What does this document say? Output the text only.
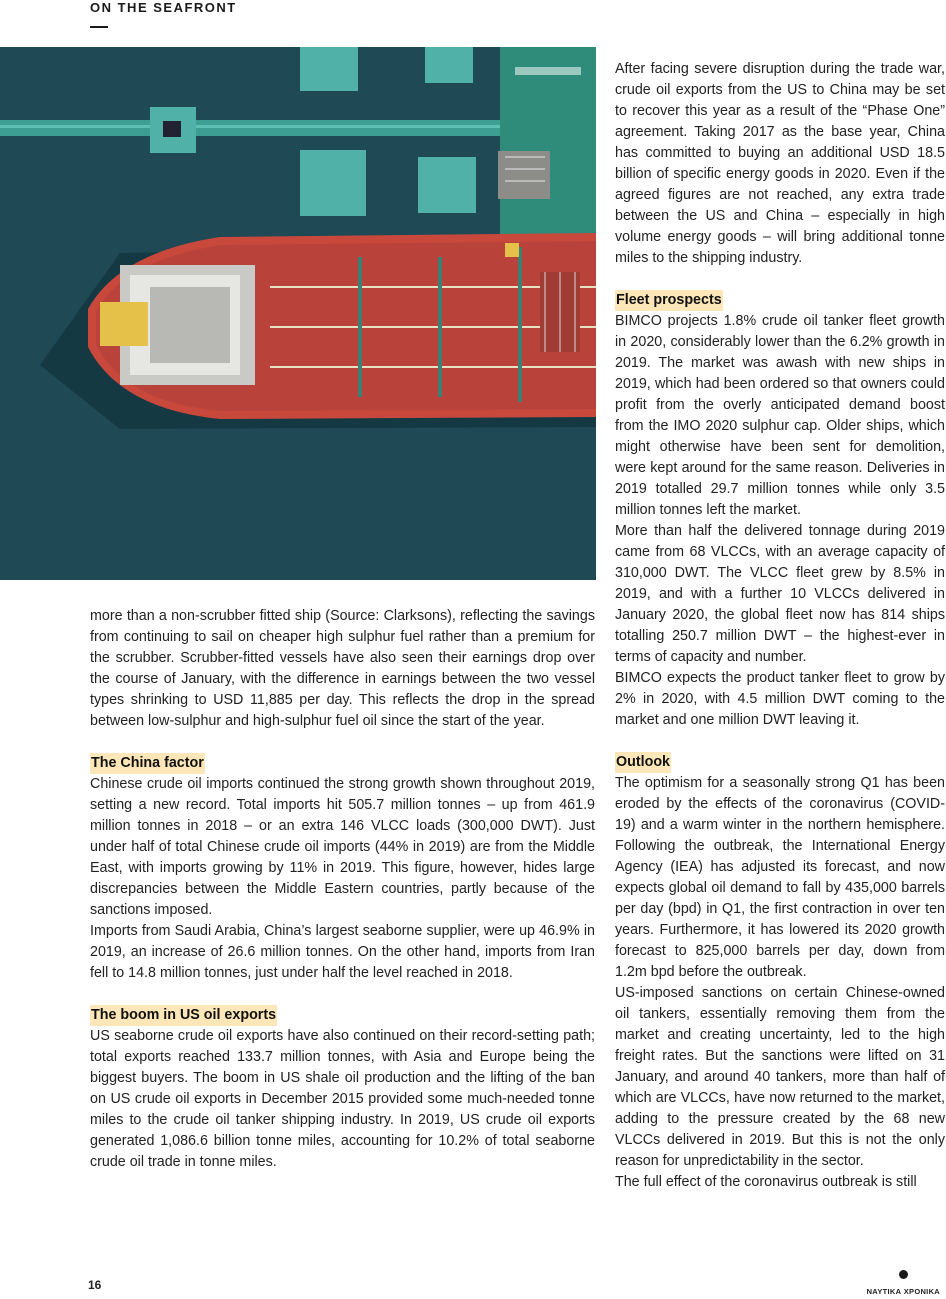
ON THE SEAFRONT

more than a non-scrubber fitted ship (Source: Clarksons), reflecting the savings from continuing to sail on cheaper high sulphur fuel rather than a premium for the scrubber. Scrubber-fitted vessels have also seen their earnings drop over the course of January, with the difference in earnings between the two vessel types shrinking to USD 11,885 per day. This reflects the drop in the spread between low-sulphur and high-sulphur fuel oil since the start of the year.

The China factor

Chinese crude oil imports continued the strong growth shown throughout 2019, setting a new record. Total imports hit 505.7 million tonnes – up from 461.9 million tonnes in 2018 – or an extra 146 VLCC loads (300,000 DWT). Just under half of total Chinese crude oil imports (44% in 2019) are from the Middle East, with imports growing by 11% in 2019. This figure, however, hides large discrepancies between the Middle Eastern countries, partly because of the sanctions imposed.

Imports from Saudi Arabia, China’s largest seaborne supplier, were up 46.9% in 2019, an increase of 26.6 million tonnes. On the other hand, imports from Iran fell to 14.8 million tonnes, just under half the level reached in 2018.

The boom in US oil exports

US seaborne crude oil exports have also continued on their record-setting path; total exports reached 133.7 million tonnes, with Asia and Europe being the biggest buyers. The boom in US shale oil production and the lifting of the ban on US crude oil exports in December 2015 provided some much-needed tonne miles to the crude oil tanker shipping industry. In 2019, US crude oil exports generated 1,086.6 billion tonne miles, accounting for 10.2% of total seaborne crude oil trade in tonne miles.

After facing severe disruption during the trade war, crude oil exports from the US to China may be set to recover this year as a result of the “Phase One” agreement. Taking 2017 as the base year, China has committed to buying an additional USD 18.5 billion of specific energy goods in 2020. Even if the agreed figures are not reached, any extra trade between the US and China – especially in high volume energy goods – will bring additional tonne miles to the shipping industry.

Fleet prospects

BIMCO projects 1.8% crude oil tanker fleet growth in 2020, considerably lower than the 6.2% growth in 2019. The market was awash with new ships in 2019, which had been ordered so that owners could profit from the overly anticipated demand boost from the IMO 2020 sulphur cap. Older ships, which might otherwise have been sent for demolition, were kept around for the same reason. Deliveries in 2019 totalled 29.7 million tonnes while only 3.5 million tonnes left the market.

More than half the delivered tonnage during 2019 came from 68 VLCCs, with an average capacity of 310,000 DWT. The VLCC fleet grew by 8.5% in 2019, and with a further 10 VLCCs delivered in January 2020, the global fleet now has 814 ships totalling 250.7 million DWT – the highest-ever in terms of capacity and number.

BIMCO expects the product tanker fleet to grow by 2% in 2020, with 4.5 million DWT coming to the market and one million DWT leaving it.

Outlook

The optimism for a seasonally strong Q1 has been eroded by the effects of the coronavirus (COVID-19) and a warm winter in the northern hemisphere. Following the outbreak, the International Energy Agency (IEA) has adjusted its forecast, and now expects global oil demand to fall by 435,000 barrels per day (bpd) in Q1, the first contraction in over ten years. Furthermore, it has lowered its 2020 growth forecast to 825,000 barrels per day, down from 1.2m bpd before the outbreak.

US-imposed sanctions on certain Chinese-owned oil tankers, essentially removing them from the market and creating uncertainty, led to the high freight rates. But the sanctions were lifted on 31 January, and around 40 tankers, more than half of which are VLCCs, have now returned to the market, adding to the pressure created by the 68 new VLCCs delivered in 2019. But this is not the only reason for unpredictability in the sector.

The full effect of the coronavirus outbreak is still

16	ΝΑΥΤΙΚΑ ΧΡΟΝΙΚΑ
